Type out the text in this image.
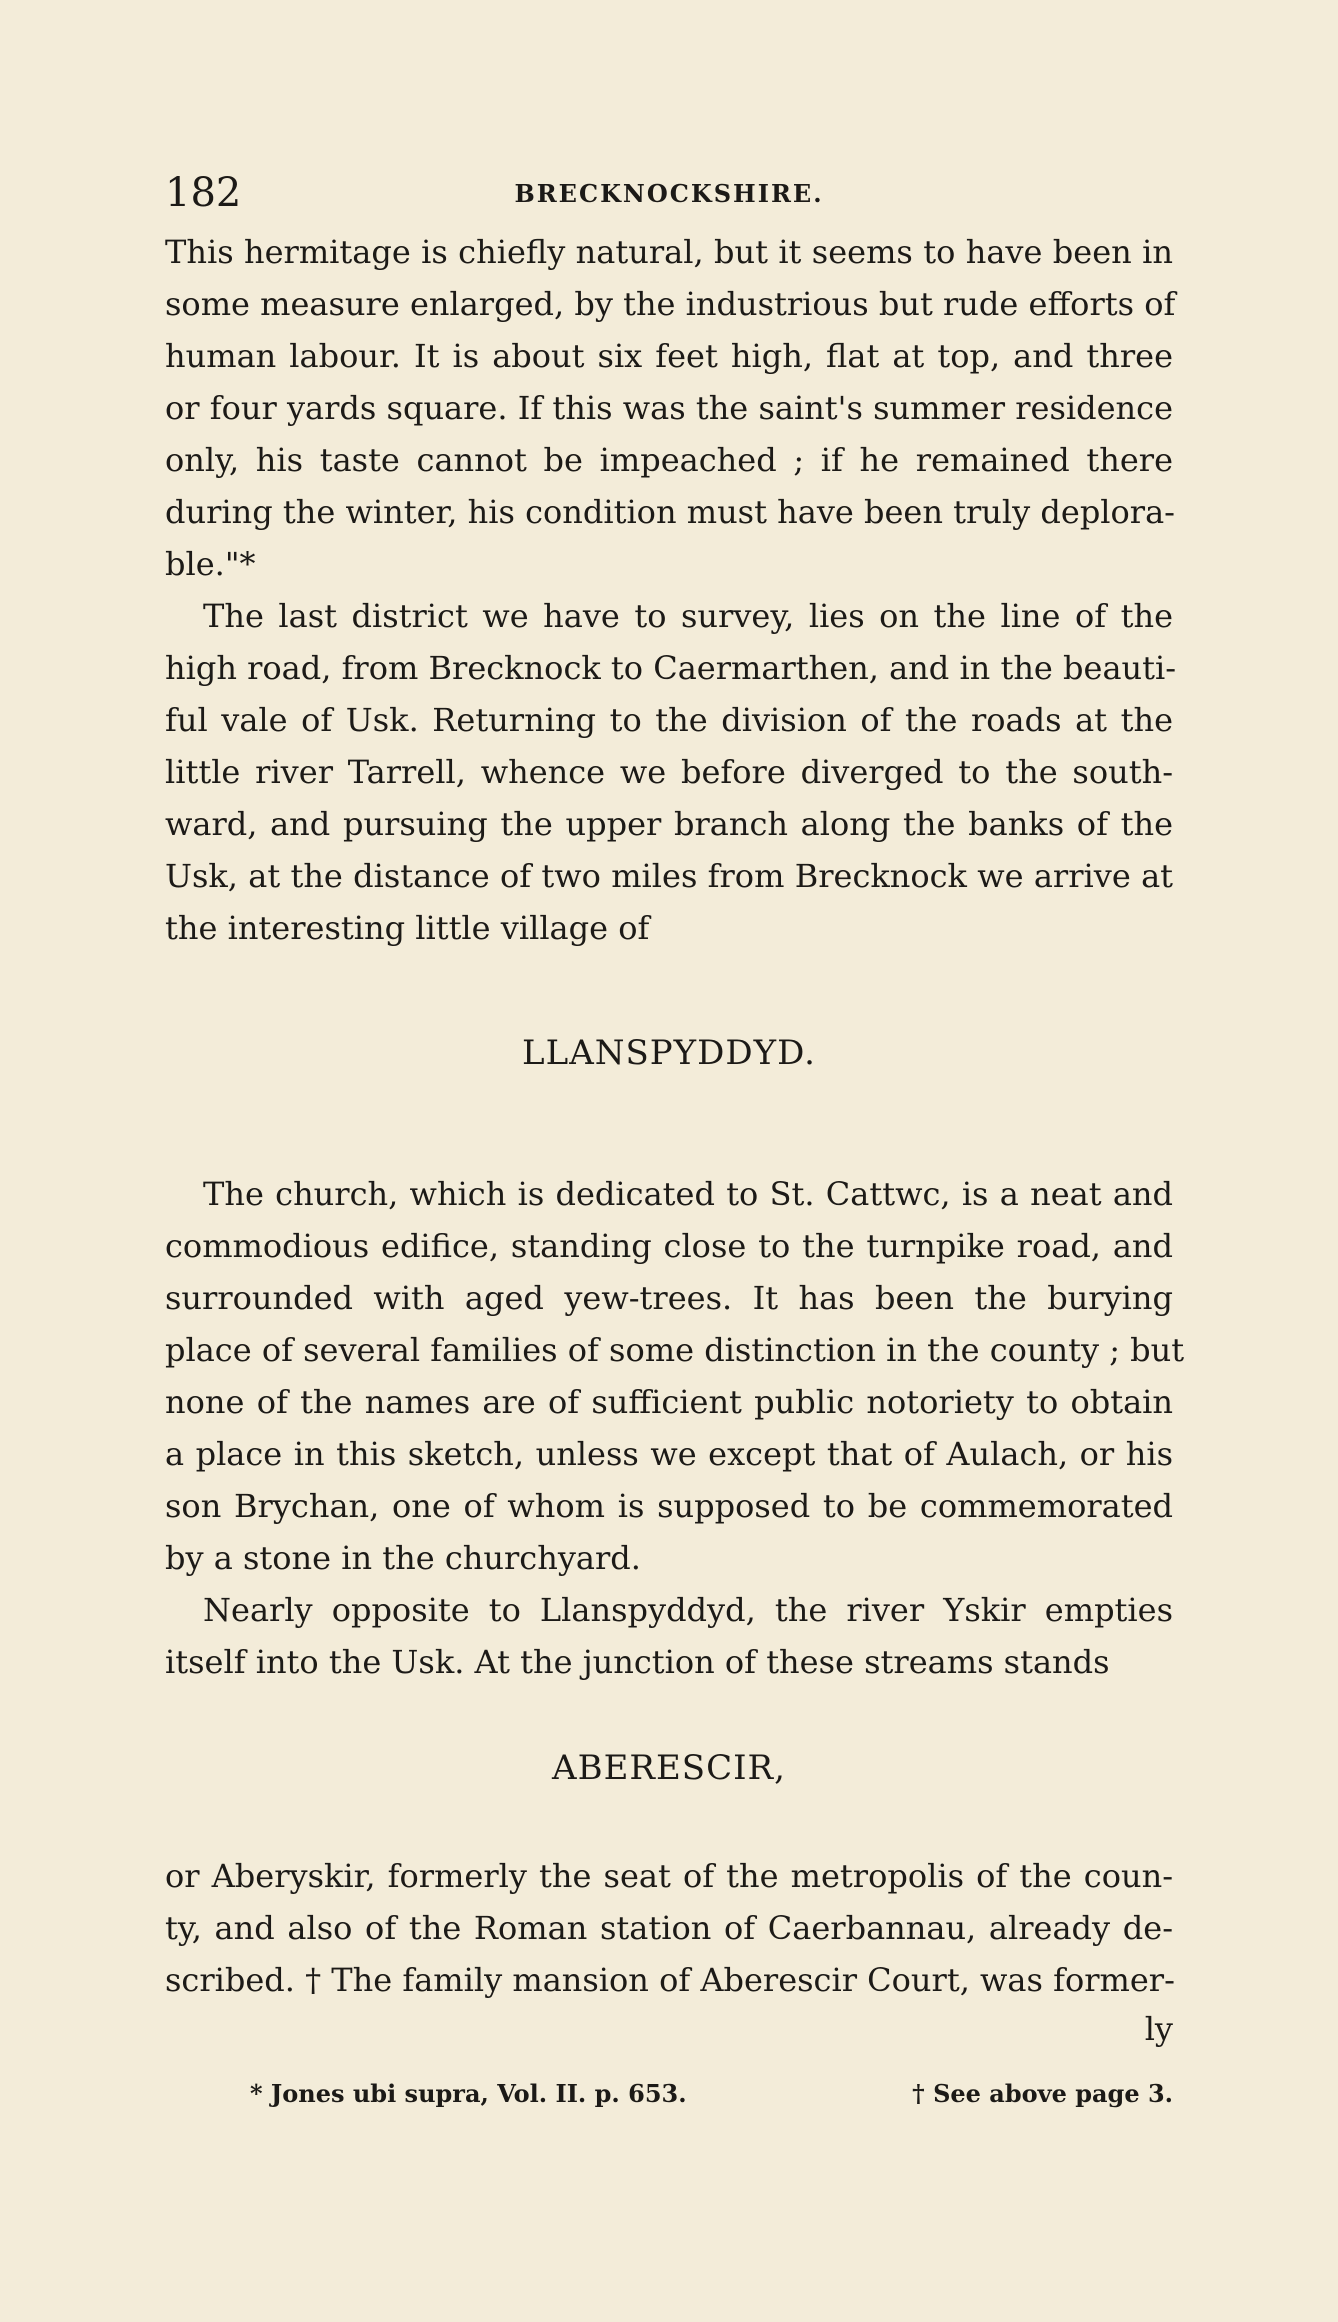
182	BRECKNOCKSHIRE.
This hermitage is chiefly natural, but it seems to have been in
some measure enlarged, by the industrious but rude efforts of
human labour. It is about six feet high, flat at top, and three
or four yards square. If this was the saint's summer residence
only, his taste cannot be impeached ; if he remained there
during the winter, his condition must have been truly deplora-
ble."*
The last district we have to survey, lies on the line of the
high road, from Brecknock to Caermarthen, and in the beauti-
ful vale of Usk. Returning to the division of the roads at the
little river Tarrell, whence we before diverged to the south-
ward, and pursuing the upper branch along the banks of the
Usk, at the distance of two miles from Brecknock we arrive at
the interesting little village of
LLANSPYDDYD.
The church, which is dedicated to St. Cattwc, is a neat and
commodious edifice, standing close to the turnpike road, and
surrounded with aged yew-trees. It has been the burying
place of several families of some distinction in the county ; but
none of the names are of sufficient public notoriety to obtain
a place in this sketch, unless we except that of Aulach, or his
son Brychan, one of whom is supposed to be commemorated
by a stone in the churchyard.
Nearly opposite to Llanspyddyd, the river Yskir empties
itself into the Usk. At the junction of these streams stands
ABERESCIR,
or Aberyskir, formerly the seat of the metropolis of the coun-
ty, and also of the Roman station of Caerbannau, already de-
scribed. † The family mansion of Aberescir Court, was former-
ly
* Jones ubi supra, Vol. II. p. 653.	† See above page 3.
